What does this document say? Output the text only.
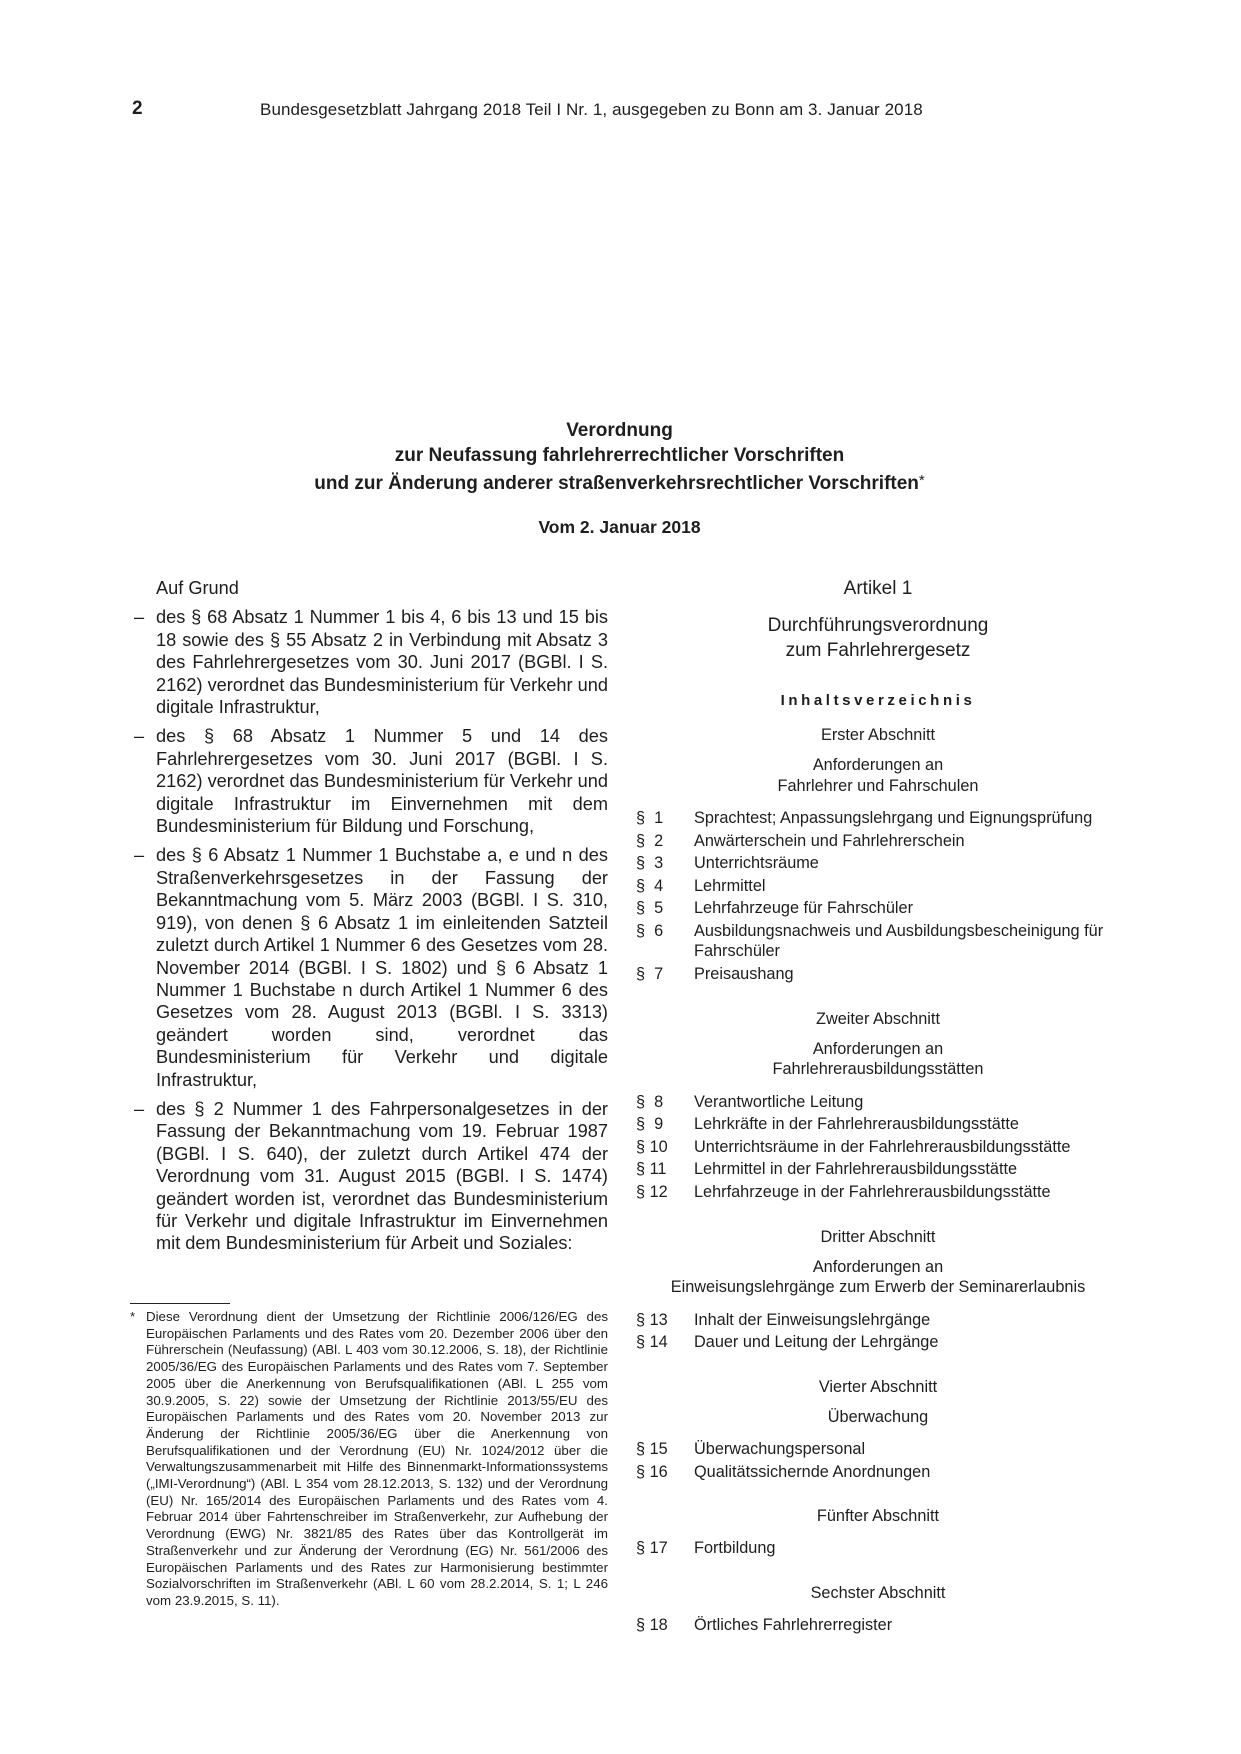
2	Bundesgesetzblatt Jahrgang 2018 Teil I Nr. 1, ausgegeben zu Bonn am 3. Januar 2018
Verordnung
zur Neufassung fahrlehrerrechtlicher Vorschriften
und zur Änderung anderer straßenverkehrsrechtlicher Vorschriften*
Vom 2. Januar 2018
Auf Grund
– des § 68 Absatz 1 Nummer 1 bis 4, 6 bis 13 und 15 bis 18 sowie des § 55 Absatz 2 in Verbindung mit Absatz 3 des Fahrlehrergesetzes vom 30. Juni 2017 (BGBl. I S. 2162) verordnet das Bundesministerium für Verkehr und digitale Infrastruktur,
– des § 68 Absatz 1 Nummer 5 und 14 des Fahrlehrergesetzes vom 30. Juni 2017 (BGBl. I S. 2162) verordnet das Bundesministerium für Verkehr und digitale Infrastruktur im Einvernehmen mit dem Bundesministerium für Bildung und Forschung,
– des § 6 Absatz 1 Nummer 1 Buchstabe a, e und n des Straßenverkehrsgesetzes in der Fassung der Bekanntmachung vom 5. März 2003 (BGBl. I S. 310, 919), von denen § 6 Absatz 1 im einleitenden Satzteil zuletzt durch Artikel 1 Nummer 6 des Gesetzes vom 28. November 2014 (BGBl. I S. 1802) und § 6 Absatz 1 Nummer 1 Buchstabe n durch Artikel 1 Nummer 6 des Gesetzes vom 28. August 2013 (BGBl. I S. 3313) geändert worden sind, verordnet das Bundesministerium für Verkehr und digitale Infrastruktur,
– des § 2 Nummer 1 des Fahrpersonalgesetzes in der Fassung der Bekanntmachung vom 19. Februar 1987 (BGBl. I S. 640), der zuletzt durch Artikel 474 der Verordnung vom 31. August 2015 (BGBl. I S. 1474) geändert worden ist, verordnet das Bundesministerium für Verkehr und digitale Infrastruktur im Einvernehmen mit dem Bundesministerium für Arbeit und Soziales:
* Diese Verordnung dient der Umsetzung der Richtlinie 2006/126/EG des Europäischen Parlaments und des Rates vom 20. Dezember 2006 über den Führerschein (Neufassung) (ABl. L 403 vom 30.12.2006, S. 18), der Richtlinie 2005/36/EG des Europäischen Parlaments und des Rates vom 7. September 2005 über die Anerkennung von Berufsqualifikationen (ABl. L 255 vom 30.9.2005, S. 22) sowie der Umsetzung der Richtlinie 2013/55/EU des Europäischen Parlaments und des Rates vom 20. November 2013 zur Änderung der Richtlinie 2005/36/EG über die Anerkennung von Berufsqualifikationen und der Verordnung (EU) Nr. 1024/2012 über die Verwaltungszusammenarbeit mit Hilfe des Binnenmarkt-Informationssystems („IMI-Verordnung“) (ABl. L 354 vom 28.12.2013, S. 132) und der Verordnung (EU) Nr. 165/2014 des Europäischen Parlaments und des Rates vom 4. Februar 2014 über Fahrtenschreiber im Straßenverkehr, zur Aufhebung der Verordnung (EWG) Nr. 3821/85 des Rates über das Kontrollgerät im Straßenverkehr und zur Änderung der Verordnung (EG) Nr. 561/2006 des Europäischen Parlaments und des Rates zur Harmonisierung bestimmter Sozialvorschriften im Straßenverkehr (ABl. L 60 vom 28.2.2014, S. 1; L 246 vom 23.9.2015, S. 11).
Artikel 1
Durchführungsverordnung
zum Fahrlehrergesetz
Inhaltsverzeichnis
Erster Abschnitt
Anforderungen an
Fahrlehrer und Fahrschulen
§  1	Sprachtest; Anpassungslehrgang und Eignungsprüfung
§  2	Anwärterschein und Fahrlehrerschein
§  3	Unterrichtsräume
§  4	Lehrmittel
§  5	Lehrfahrzeuge für Fahrschüler
§  6	Ausbildungsnachweis und Ausbildungsbescheinigung für Fahrschüler
§  7	Preisaushang
Zweiter Abschnitt
Anforderungen an
Fahrlehrerausbildungsstätten
§  8	Verantwortliche Leitung
§  9	Lehrkräfte in der Fahrlehrerausbildungsstätte
§ 10	Unterrichtsräume in der Fahrlehrerausbildungsstätte
§ 11	Lehrmittel in der Fahrlehrerausbildungsstätte
§ 12	Lehrfahrzeuge in der Fahrlehrerausbildungsstätte
Dritter Abschnitt
Anforderungen an
Einweisungslehrgänge zum Erwerb der Seminarerlaubnis
§ 13	Inhalt der Einweisungslehrgänge
§ 14	Dauer und Leitung der Lehrgänge
Vierter Abschnitt
Überwachung
§ 15	Überwachungspersonal
§ 16	Qualitätssichernde Anordnungen
Fünfter Abschnitt
§ 17	Fortbildung
Sechster Abschnitt
§ 18	Örtliches Fahrlehrerregister
